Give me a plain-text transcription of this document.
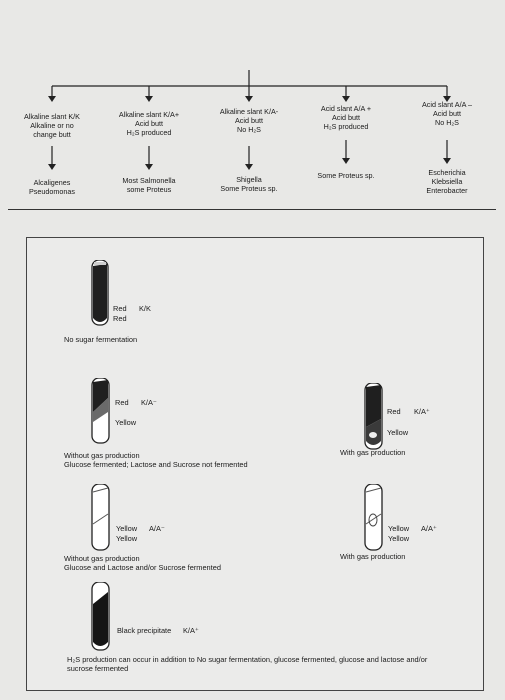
Alkaline slant K/K
Alkaline or no
change butt
Alkaline slant K/A+
Acid butt
H₂S produced
Alkaline slant K/A-
Acid butt
No H₂S
Acid slant A/A +
Acid butt
H₂S produced
Acid slant A/A –
Acid butt
No H₂S
Alcaligenes
Pseudomonas
Most Salmonella
some Proteus
Shigella
Some Proteus sp.
Some Proteus sp.	Escherichia
Klebsiella
Enterobacter
Red K/K
Red
No sugar fermentation
Red K/A⁻
Yellow
Without gas production
Glucose fermented; Lactose and Sucrose not fermented
Red K/A⁺
Yellow
With gas production
Yellow A/A⁻
Yellow
Without gas production
Glucose and Lactose and/or Sucrose fermented
Yellow A/A⁺
Yellow
With gas production
Black precipitate K/A⁺
H₂S production can occur in addition to No sugar fermentation, glucose fermented, glucose and lactose and/or
sucrose fermented
